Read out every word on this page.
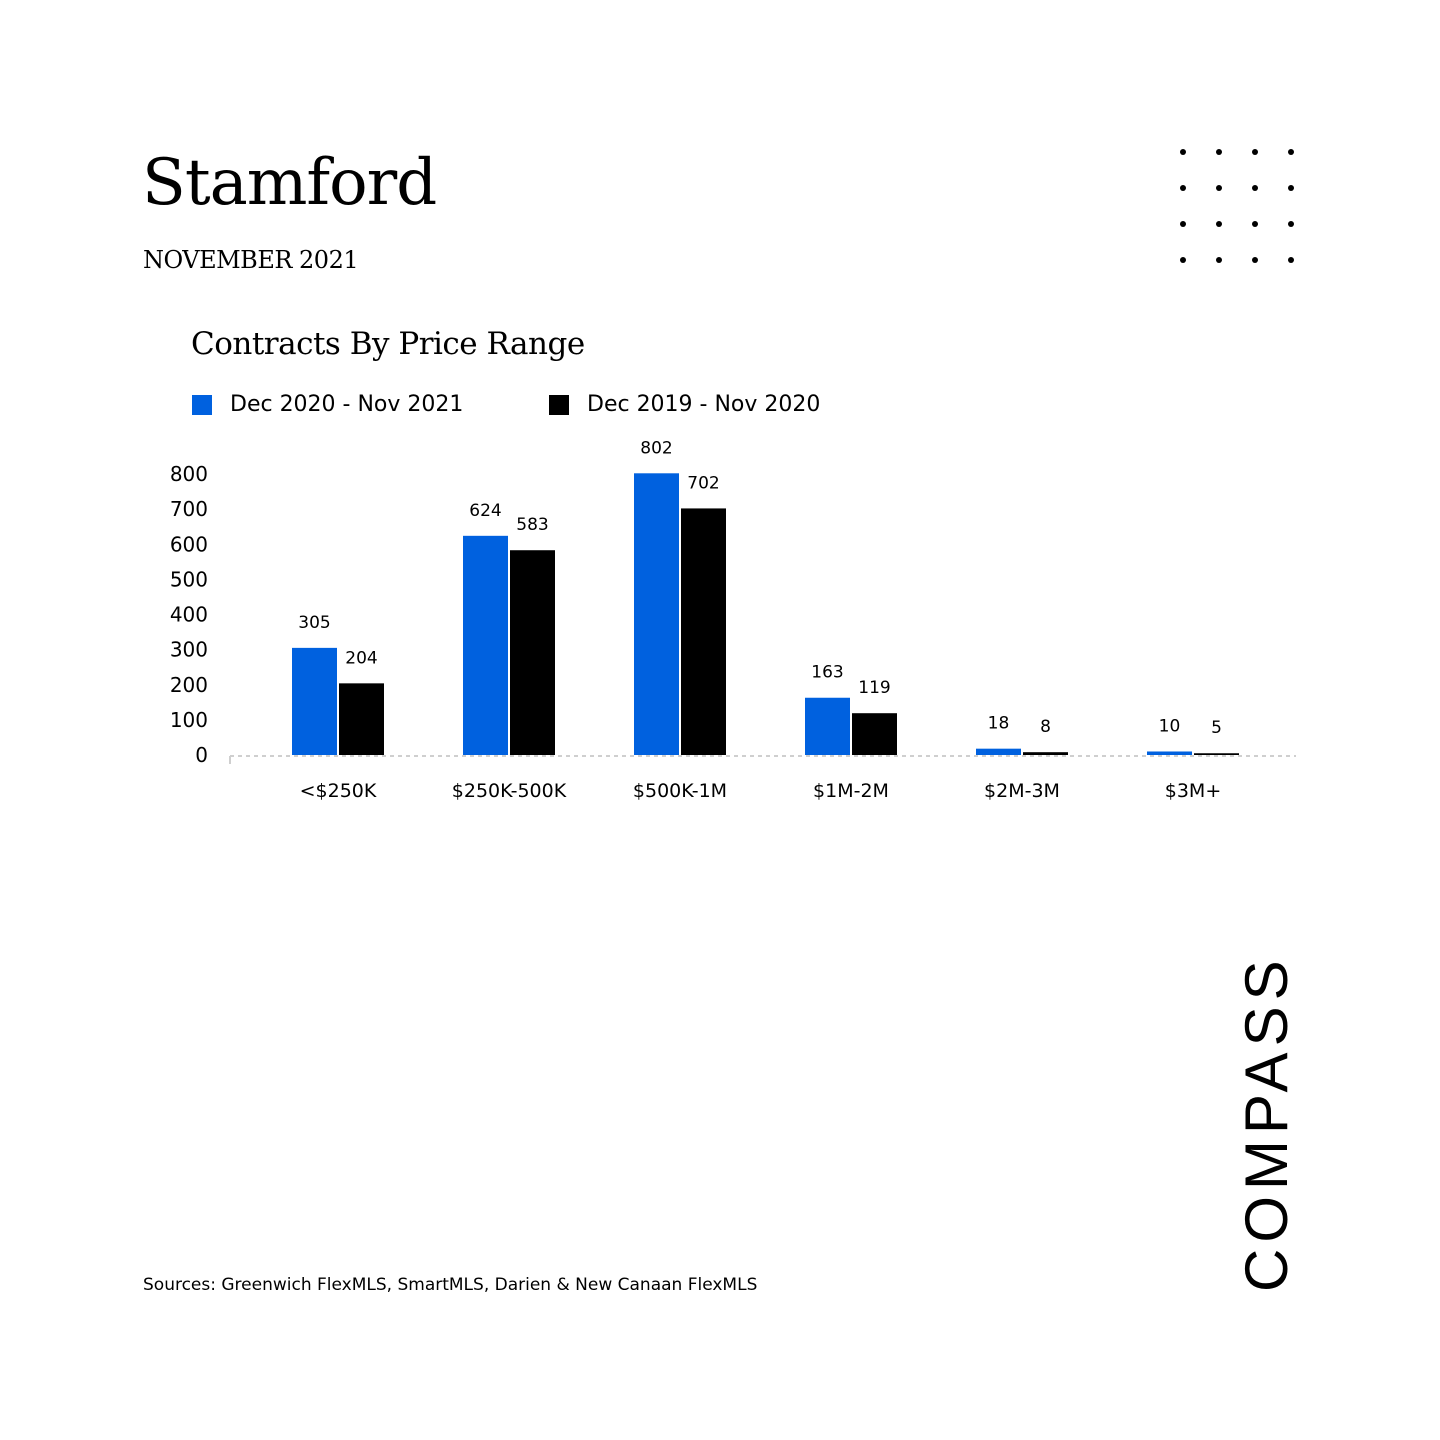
Stamford
NOVEMBER 2021
Contracts By Price Range
Dec 2020 - Nov 2021	Dec 2019 - Nov 2020
0
100
200
300
400
500
600
700
800
305
204
<$250K
624
583
$250K-500K
802
702
$500K-1M
163
119
$1M-2M
18 8
$2M-3M
10 5
$3M+
Sources: Greenwich FlexMLS, SmartMLS, Darien & New Canaan FlexMLS	COMPASS
